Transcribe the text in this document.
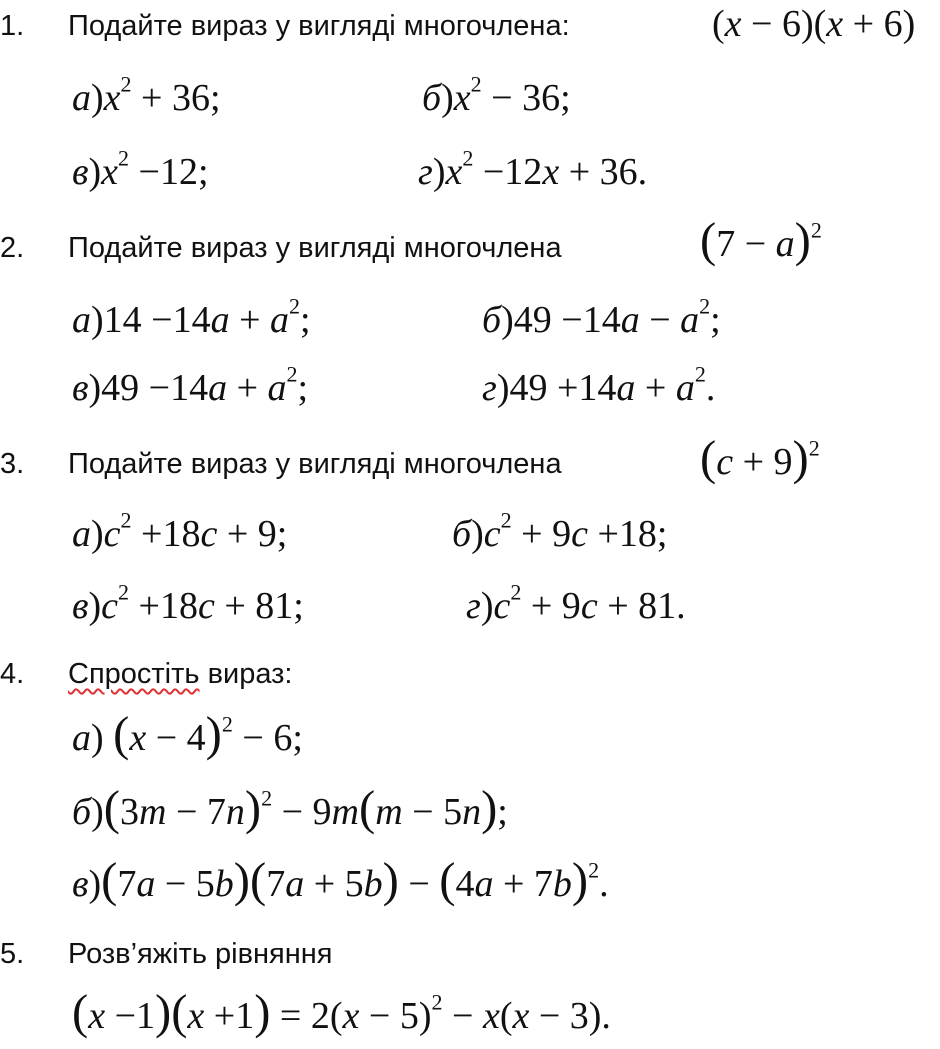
1. Подайте вираз у вигляді многочлена:	(x − 6)(x + 6)
$а)x^2 + 36$;	$б)x^2 - 36$;
$в)x^2 -12$;	$г)x^2 -12x + 36$.
2. Подайте вираз у вигляді многочлена	$(7 - a)^2$
$а)14 -14a + a^2$;	$б)49 -14a - a^2$;
$в)49 -14a + a^2$;	$г)49 +14a + a^2$.
3. Подайте вираз у вигляді многочлена	$(c + 9)^2$
$а)c^2 +18c + 9$;	$б)c^2 + 9c +18$;
$в)c^2 +18c + 81$;	$г)c^2 + 9c + 81$.
4. Спростіть вираз:
а) $(x - 4)^2 - 6$;
$б)(3m - 7n)^2 - 9m(m - 5n)$;
$в)(7a - 5b)(7a + 5b) - (4a + 7b)^2$.
5. Розв’яжіть рівняння
$(x -1)(x +1) = 2(x - 5)^2 - x(x - 3)$.
